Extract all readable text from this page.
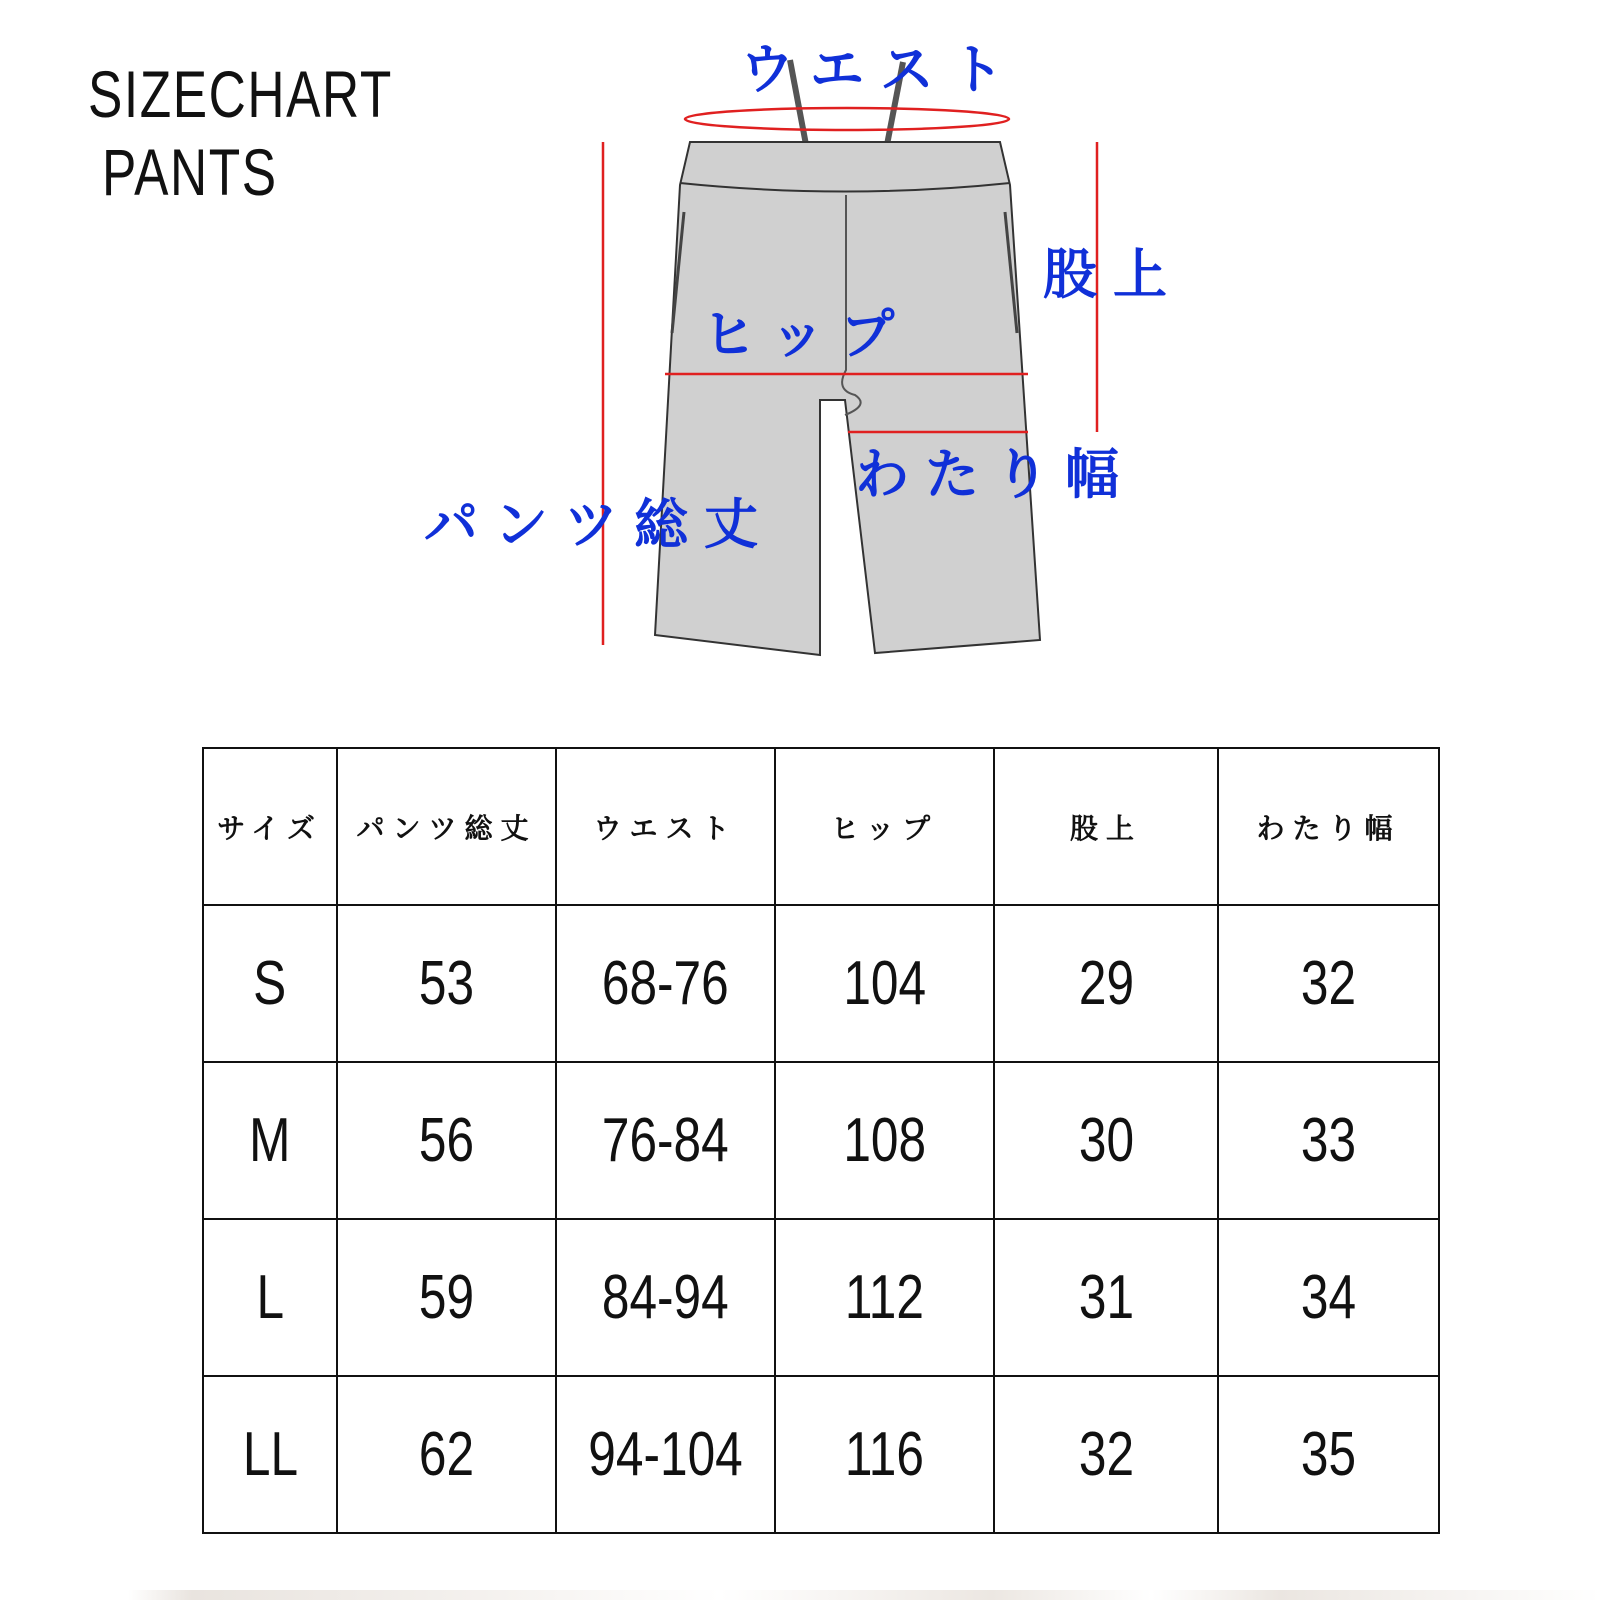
SIZECHART
PANTS
ウエスト
股上
ヒップ
わたり幅
パンツ総丈
サイズ	パンツ総丈	ウエスト	ヒップ	股上	わたり幅
S	53	68-76	104	29	32
M	56	76-84	108	30	33
L	59	84-94	112	31	34
LL	62	94-104	116	32	35
